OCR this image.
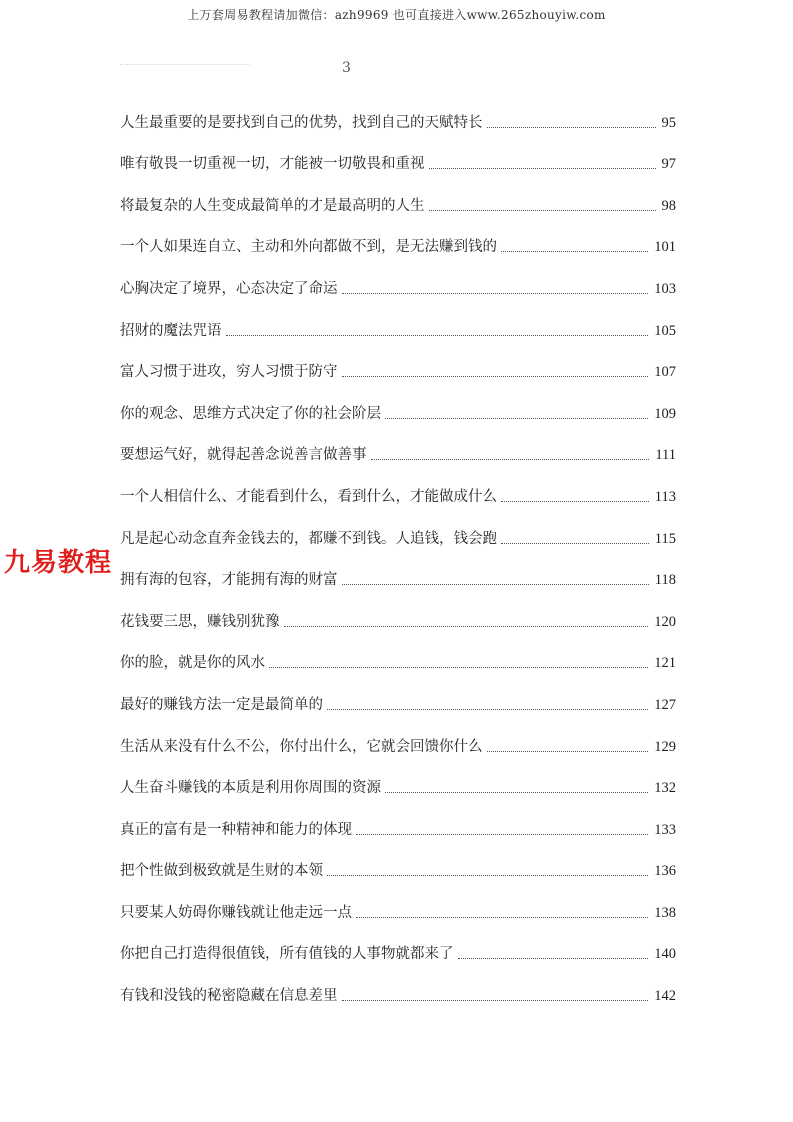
上万套周易教程请加微信：azh9969 也可直接进入www.265zhouyiw.com
3
人生最重要的是要找到自己的优势，找到自己的天赋特长	95
唯有敬畏一切重视一切，才能被一切敬畏和重视	97
将最复杂的人生变成最简单的才是最高明的人生	98
一个人如果连自立、主动和外向都做不到，是无法赚到钱的	101
心胸决定了境界，心态决定了命运	103
招财的魔法咒语	105
富人习惯于进攻，穷人习惯于防守	107
你的观念、思维方式决定了你的社会阶层	109
要想运气好，就得起善念说善言做善事	111
一个人相信什么、才能看到什么，看到什么，才能做成什么	113
凡是起心动念直奔金钱去的，都赚不到钱。人追钱，钱会跑	115
拥有海的包容，才能拥有海的财富	118
花钱要三思，赚钱别犹豫	120
你的脸，就是你的风水	121
最好的赚钱方法一定是最简单的	127
生活从来没有什么不公，你付出什么，它就会回馈你什么	129
人生奋斗赚钱的本质是利用你周围的资源	132
真正的富有是一种精神和能力的体现	133
把个性做到极致就是生财的本领	136
只要某人妨碍你赚钱就让他走远一点	138
你把自己打造得很值钱，所有值钱的人事物就都来了	140
有钱和没钱的秘密隐藏在信息差里	142
九易教程
